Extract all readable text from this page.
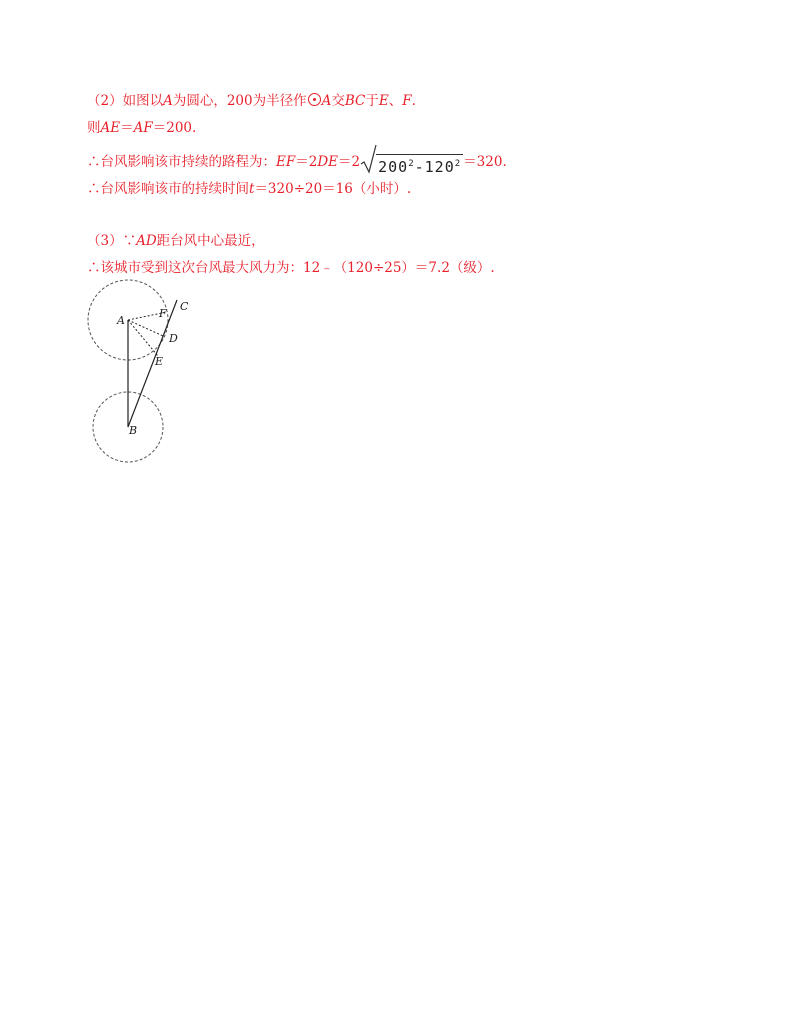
（2）如图以A为圆心，200为半径作 A交BC于E、F.
则AE＝AF＝200.
∴台风影响该市持续的路程为：EF＝2DE＝2 $200^2-120^2 =320$.
∴台风影响该市的持续时间t＝320÷20＝16（小时）.
（3）∵AD距台风中心最近，
∴该城市受到这次台风最大风力为：12﹣（120÷25）＝7.2（级）.
A
F
C
D
E
B
